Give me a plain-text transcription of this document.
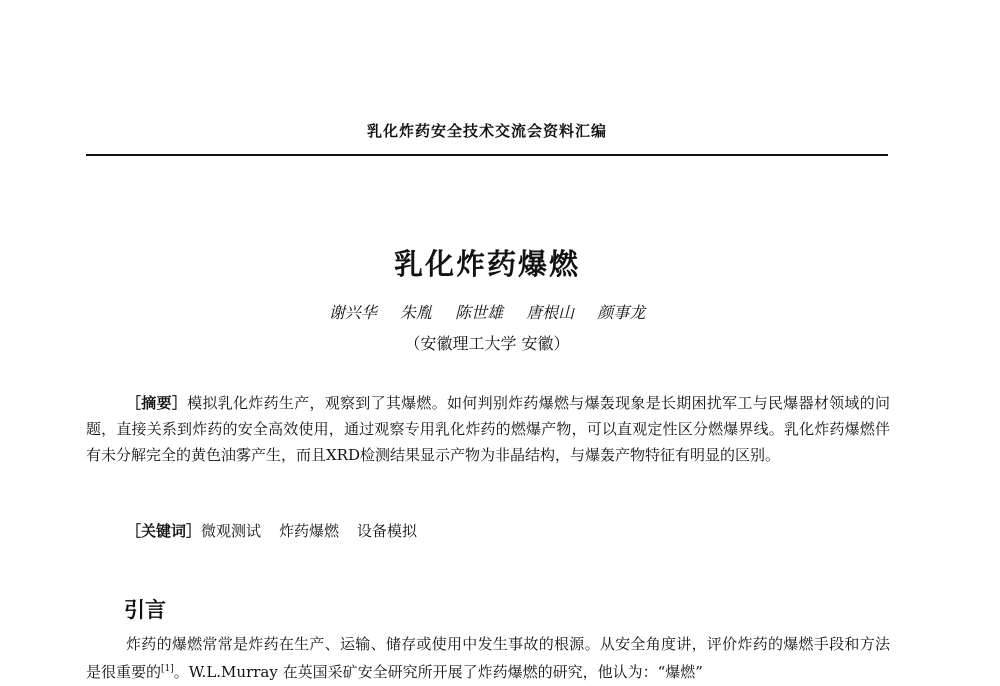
乳化炸药安全技术交流会资料汇编
乳化炸药爆燃
谢兴华 朱胤 陈世雄 唐根山 颜事龙
（安徽理工大学 安徽）
［摘要］模拟乳化炸药生产，观察到了其爆燃。如何判别炸药爆燃与爆轰现象是长期困扰军工与民爆器材领域的问题，直接关系到炸药的安全高效使用，通过观察专用乳化炸药的燃爆产物，可以直观定性区分燃爆界线。乳化炸药爆燃伴有未分解完全的黄色油雾产生，而且XRD检测结果显示产物为非晶结构，与爆轰产物特征有明显的区别。
［关键词］微观测试 炸药爆燃 设备模拟
引言
炸药的爆燃常常是炸药在生产、运输、储存或使用中发生事故的根源。从安全角度讲，评价炸药的爆燃手段和方法是很重要的[1]。W.L.Murray 在英国采矿安全研究所开展了炸药爆燃的研究，他认为：“爆燃”
